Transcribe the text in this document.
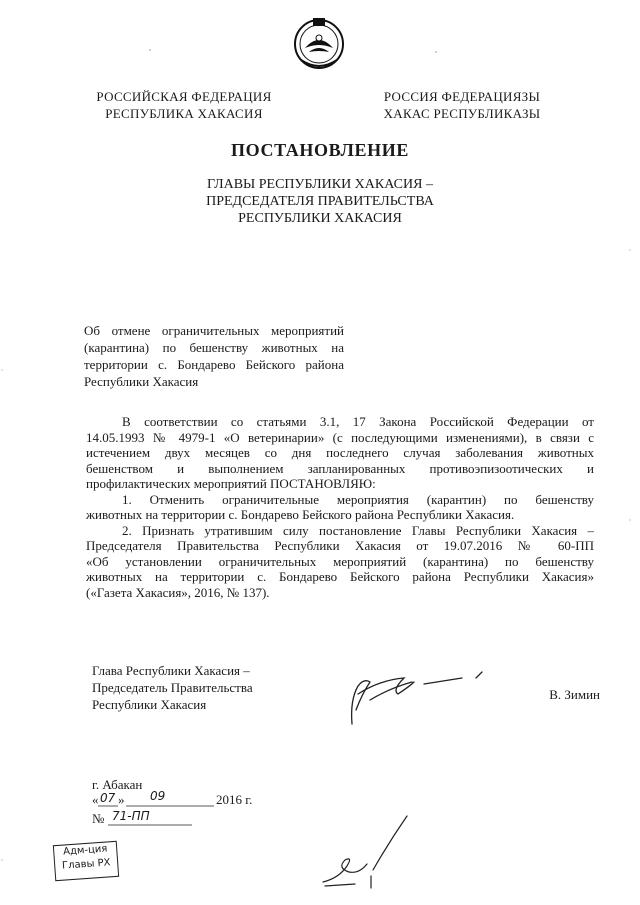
РОССИЙСКАЯ ФЕДЕРАЦИЯ
РЕСПУБЛИКА ХАКАСИЯ
РОССИЯ ФЕДЕРАЦИЯЗЫ
ХАКАС РЕСПУБЛИКАЗЫ
ПОСТАНОВЛЕНИЕ
ГЛАВЫ РЕСПУБЛИКИ ХАКАСИЯ –
ПРЕДСЕДАТЕЛЯ ПРАВИТЕЛЬСТВА
РЕСПУБЛИКИ ХАКАСИЯ
Об отмене ограничительных мероприятий
(карантина) по бешенству животных на
территории с. Бондарево Бейского района
Республики Хакасия
В соответствии со статьями 3.1, 17 Закона Российской Федерации от
14.05.1993 № 4979-1 «О ветеринарии» (с последующими изменениями), в связи с
истечением двух месяцев со дня последнего случая заболевания животных
бешенством и выполнением запланированных противоэпизоотических и
профилактических мероприятий ПОСТАНОВЛЯЮ:
1. Отменить ограничительные мероприятия (карантин) по бешенству
животных на территории с. Бондарево Бейского района Республики Хакасия.
2. Признать утратившим силу постановление Главы Республики Хакасия –
Председателя Правительства Республики Хакасия от 19.07.2016 № 60-ПП
«Об установлении ограничительных мероприятий (карантина) по бешенству
животных на территории с. Бондарево Бейского района Республики Хакасия»
(«Газета Хакасия», 2016, № 137).
Глава Республики Хакасия –
Председатель Правительства
Республики Хакасия
В. Зимин
г. Абакан
« 07 » 09	2016 г.
№ 71-ПП
Адм-ция
Главы РХ
